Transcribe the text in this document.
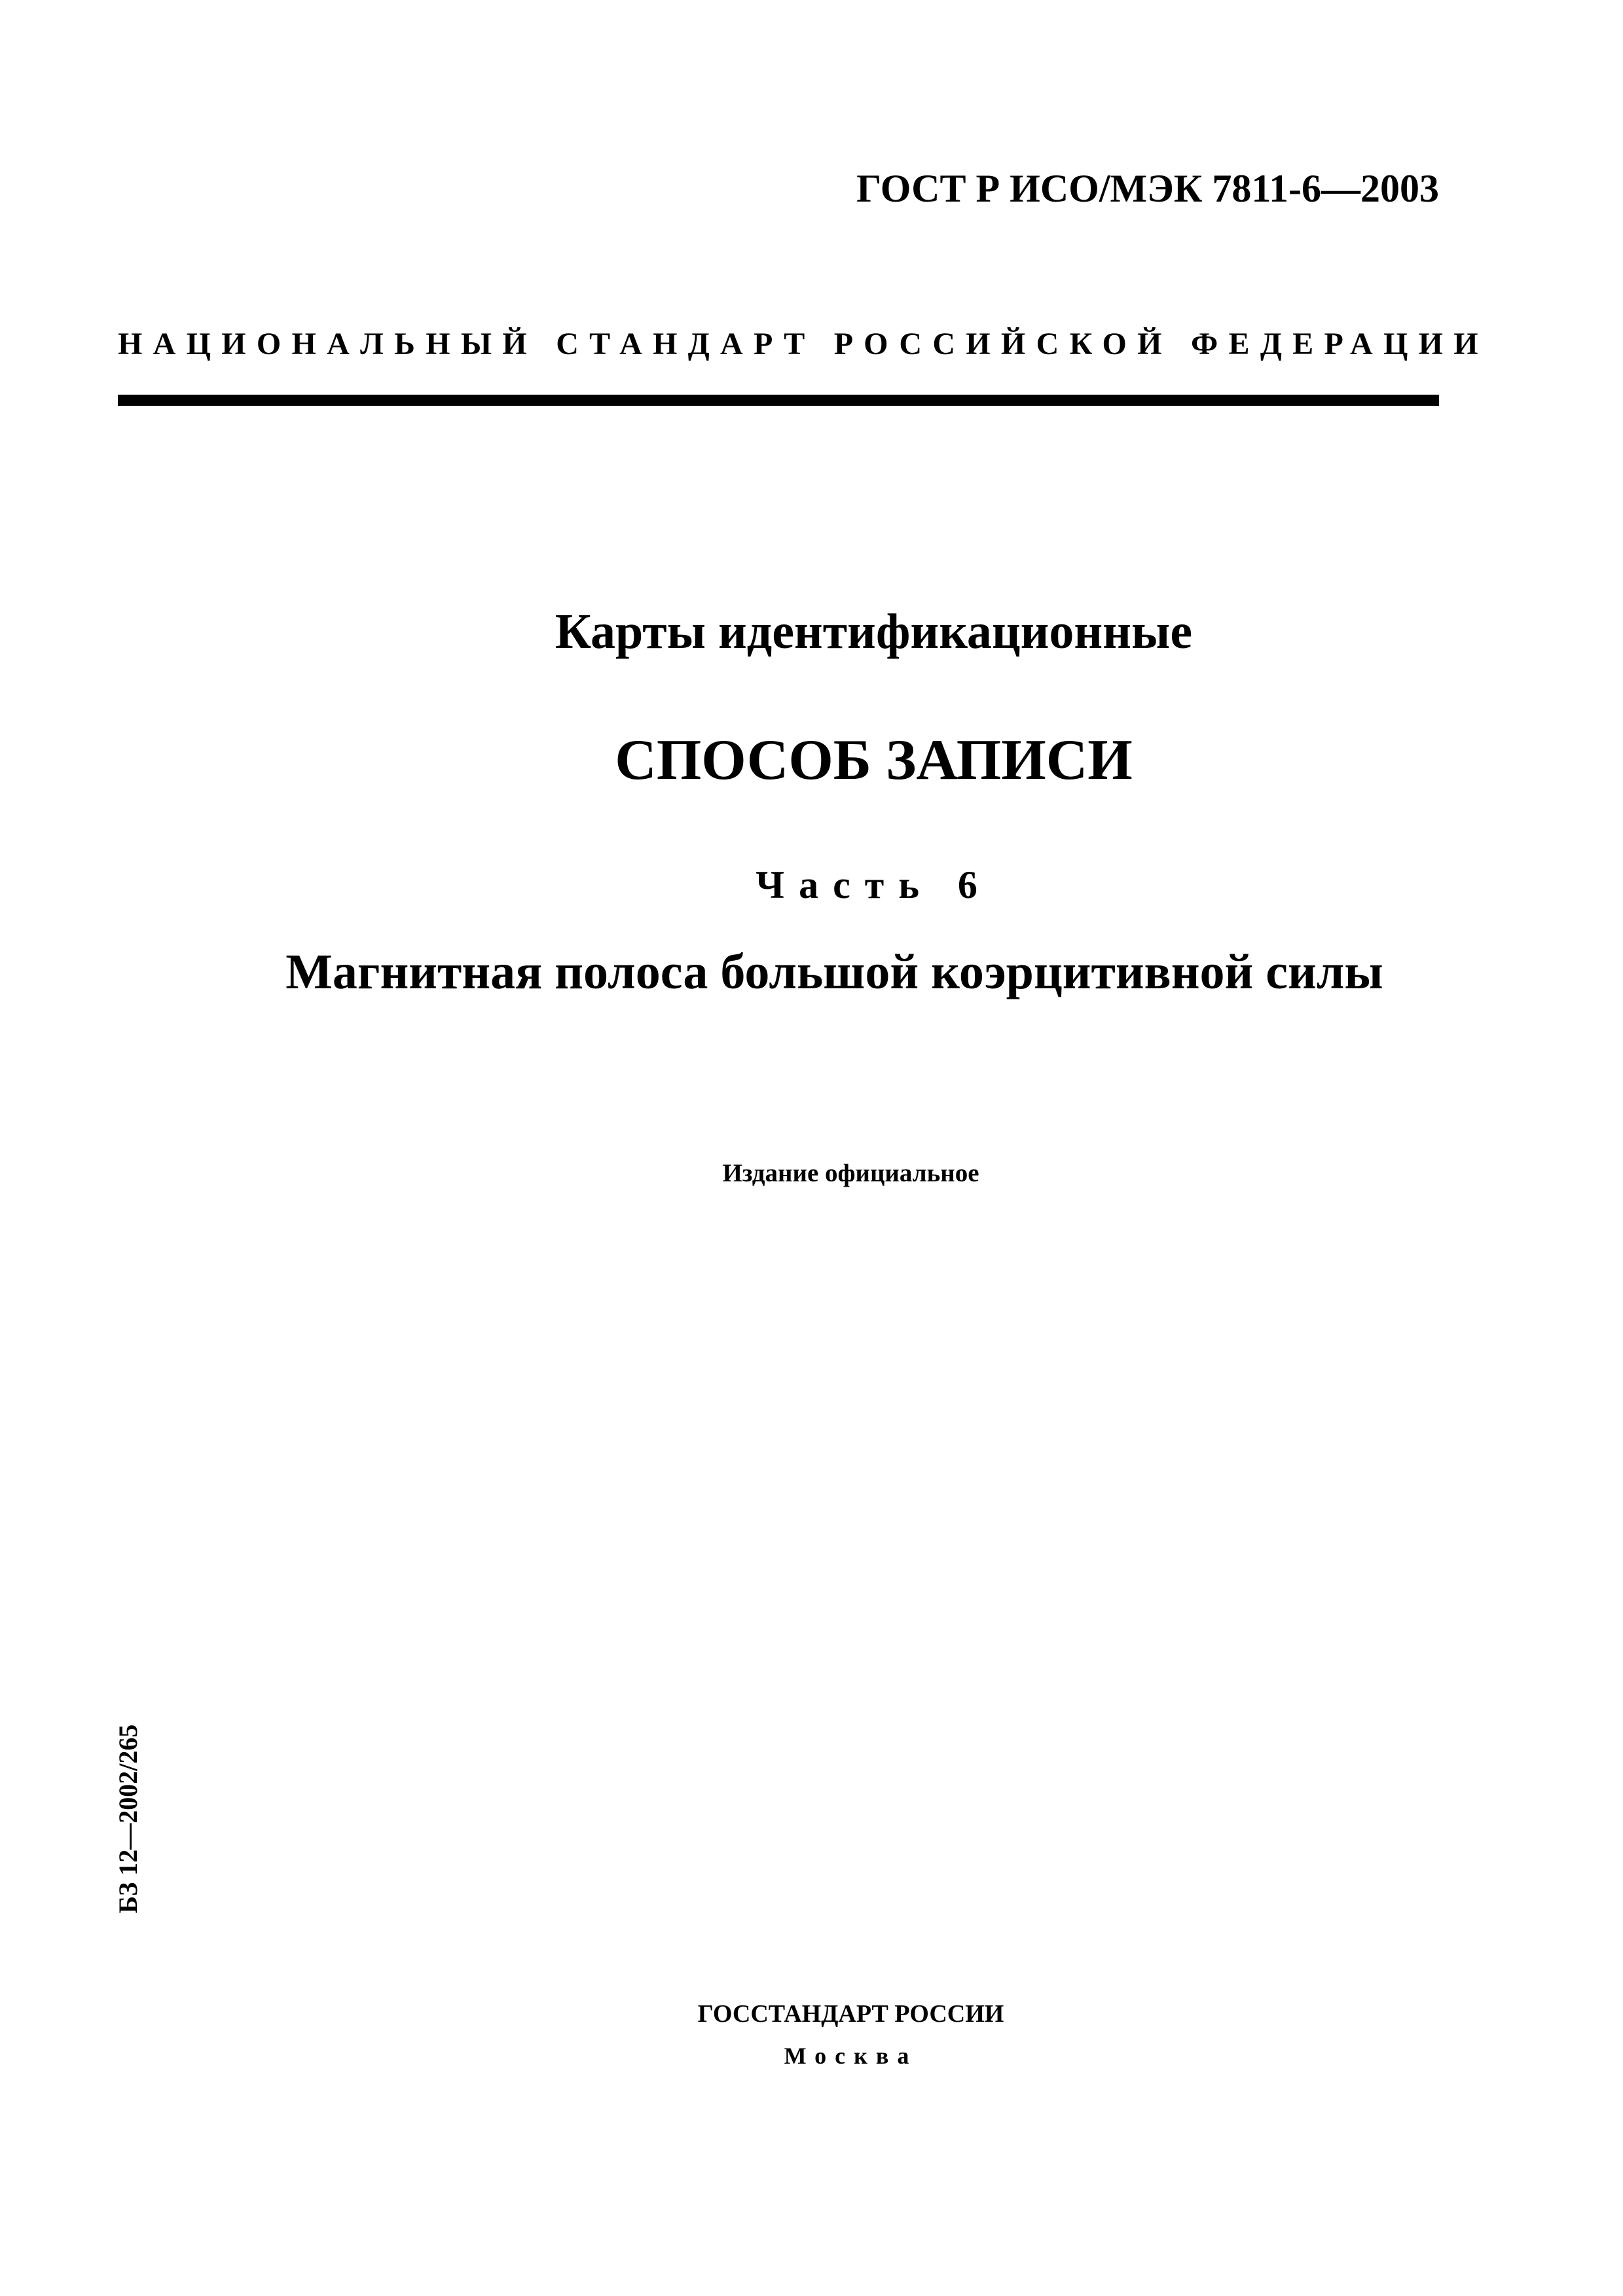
ГОСТ Р ИСО/МЭК 7811-6—2003
НАЦИОНАЛЬНЫЙ СТАНДАРТ РОССИЙСКОЙ ФЕДЕРАЦИИ
Карты идентификационные
СПОСОБ ЗАПИСИ
Часть 6
Магнитная полоса большой коэрцитивной силы
Издание официальное
БЗ 12—2002/265
ГОССТАНДАРТ РОССИИ
Москва
